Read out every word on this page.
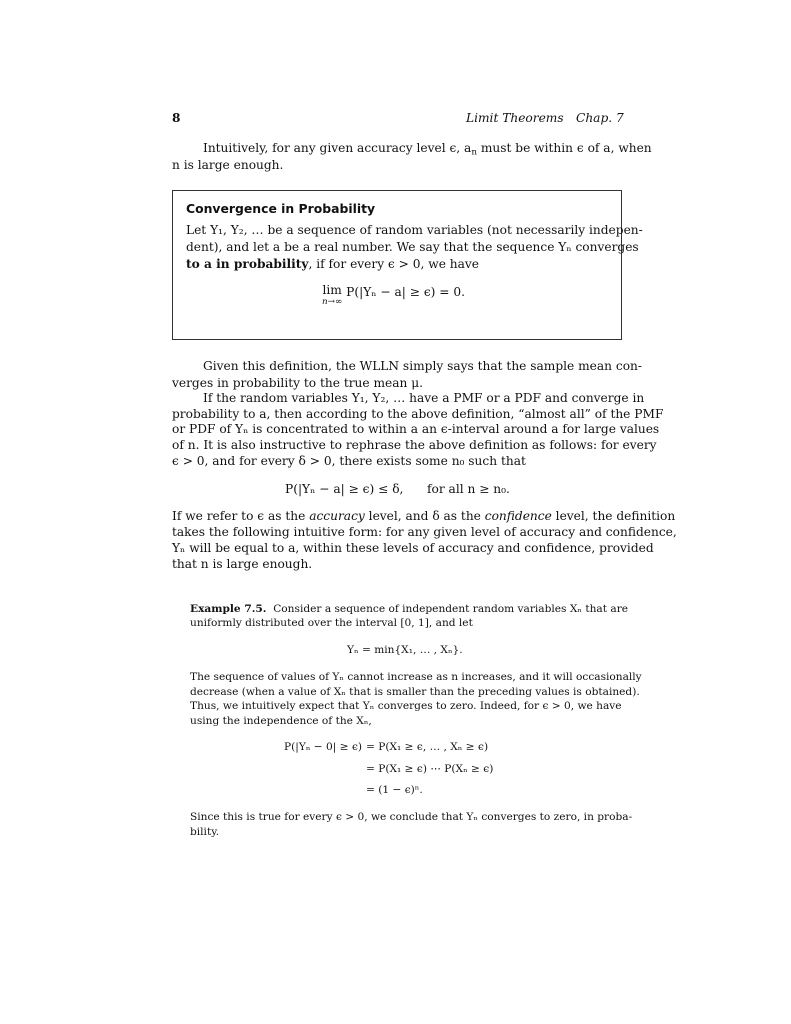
8	Limit Theorems Chap. 7
Intuitively, for any given accuracy level ϵ, $a_n$ must be within ϵ of a, when
n is large enough.
Convergence in Probability
Let Y₁, Y₂, … be a sequence of random variables (not necessarily indepen-
dent), and let a be a real number. We say that the sequence Yₙ converges
to a in probability, if for every ϵ > 0, we have
lim
n→∞
P(|Yₙ − a| ≥ ϵ) = 0.
Given this definition, the WLLN simply says that the sample mean con-
verges in probability to the true mean μ.
If the random variables Y₁, Y₂, … have a PMF or a PDF and converge in
probability to a, then according to the above definition, “almost all” of the PMF
or PDF of Yₙ is concentrated to within a an ϵ-interval around a for large values
of n. It is also instructive to rephrase the above definition as follows: for every
ϵ > 0, and for every δ > 0, there exists some n₀ such that
P(|Yₙ − a| ≥ ϵ) ≤ δ, for all n ≥ n₀.
If we refer to ϵ as the accuracy level, and δ as the confidence level, the definition
takes the following intuitive form: for any given level of accuracy and confidence,
Yₙ will be equal to a, within these levels of accuracy and confidence, provided
that n is large enough.
Example 7.5. Consider a sequence of independent random variables Xₙ that are
uniformly distributed over the interval [0, 1], and let
Yₙ = min{X₁, … , Xₙ}.
The sequence of values of Yₙ cannot increase as n increases, and it will occasionally
decrease (when a value of Xₙ that is smaller than the preceding values is obtained).
Thus, we intuitively expect that Yₙ converges to zero. Indeed, for ϵ > 0, we have
using the independence of the Xₙ,
P(|Yₙ − 0| ≥ ϵ) = P(X₁ ≥ ϵ, … , Xₙ ≥ ϵ)
= P(X₁ ≥ ϵ) ⋯ P(Xₙ ≥ ϵ)
= (1 − ϵ)ⁿ.
Since this is true for every ϵ > 0, we conclude that Yₙ converges to zero, in proba-
bility.
